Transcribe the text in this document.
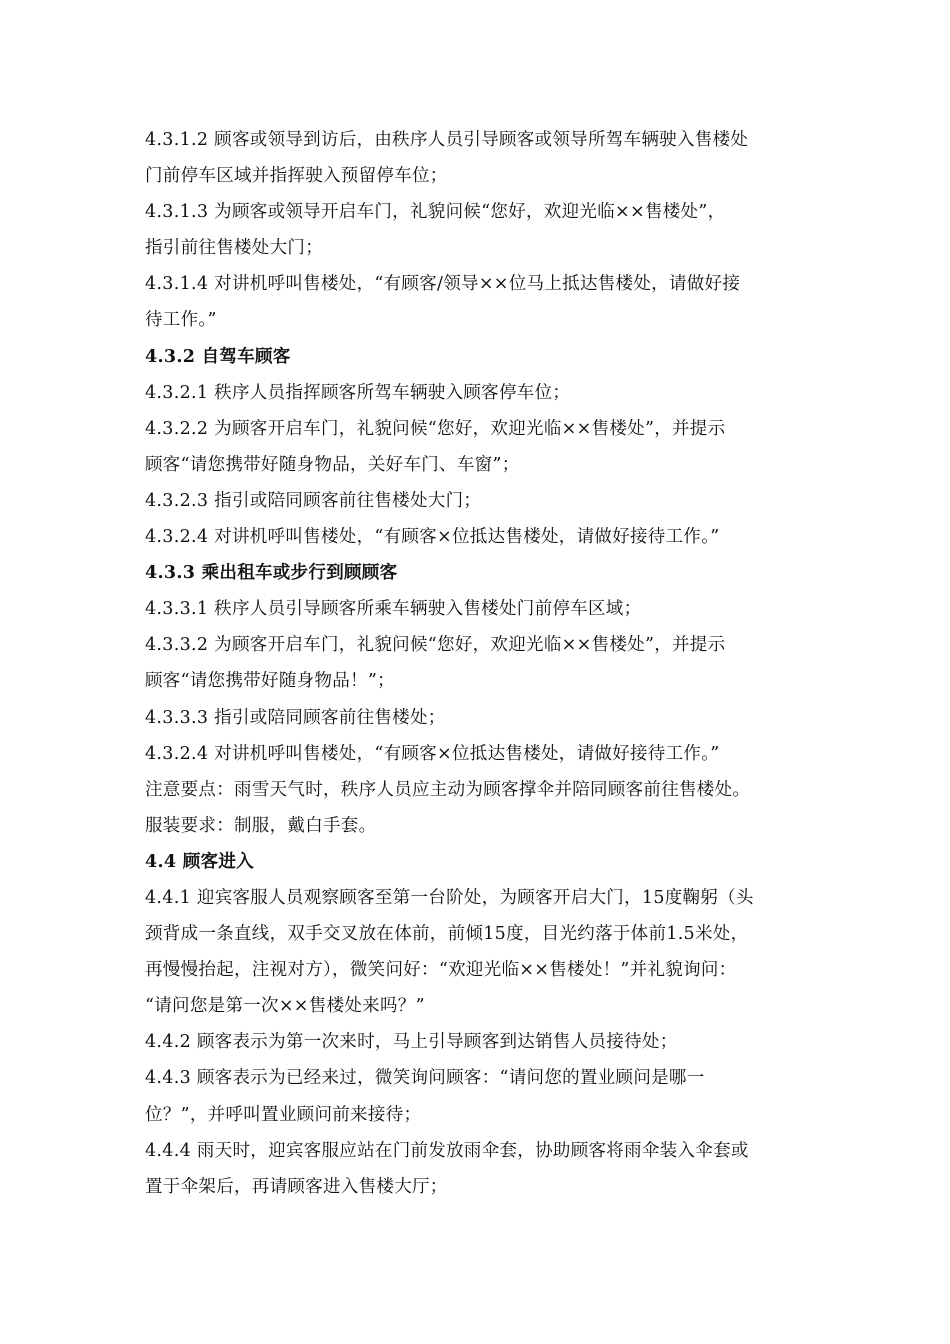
4.3.1.2 顾客或领导到访后，由秩序人员引导顾客或领导所驾车辆驶入售楼处
门前停车区域并指挥驶入预留停车位；
4.3.1.3 为顾客或领导开启车门，礼貌问候“您好，欢迎光临××售楼处”，
指引前往售楼处大门；
4.3.1.4 对讲机呼叫售楼处，“有顾客/领导××位马上抵达售楼处，请做好接
待工作。”
4.3.2 自驾车顾客
4.3.2.1 秩序人员指挥顾客所驾车辆驶入顾客停车位；
4.3.2.2 为顾客开启车门，礼貌问候“您好，欢迎光临××售楼处”，并提示
顾客“请您携带好随身物品，关好车门、车窗”；
4.3.2.3 指引或陪同顾客前往售楼处大门；
4.3.2.4 对讲机呼叫售楼处，“有顾客×位抵达售楼处，请做好接待工作。”
4.3.3 乘出租车或步行到顾顾客
4.3.3.1 秩序人员引导顾客所乘车辆驶入售楼处门前停车区域；
4.3.3.2 为顾客开启车门，礼貌问候“您好，欢迎光临××售楼处”，并提示
顾客“请您携带好随身物品！”；
4.3.3.3 指引或陪同顾客前往售楼处；
4.3.2.4 对讲机呼叫售楼处，“有顾客×位抵达售楼处，请做好接待工作。”
注意要点：雨雪天气时，秩序人员应主动为顾客撑伞并陪同顾客前往售楼处。
服装要求：制服，戴白手套。
4.4 顾客进入
4.4.1 迎宾客服人员观察顾客至第一台阶处，为顾客开启大门，15度鞠躬（头
颈背成一条直线，双手交叉放在体前，前倾15度，目光约落于体前1.5米处，
再慢慢抬起，注视对方），微笑问好：“欢迎光临××售楼处！”并礼貌询问：
“请问您是第一次××售楼处来吗？”
4.4.2 顾客表示为第一次来时，马上引导顾客到达销售人员接待处；
4.4.3 顾客表示为已经来过，微笑询问顾客：“请问您的置业顾问是哪一
位？”，并呼叫置业顾问前来接待；
4.4.4 雨天时，迎宾客服应站在门前发放雨伞套，协助顾客将雨伞装入伞套或
置于伞架后，再请顾客进入售楼大厅；
